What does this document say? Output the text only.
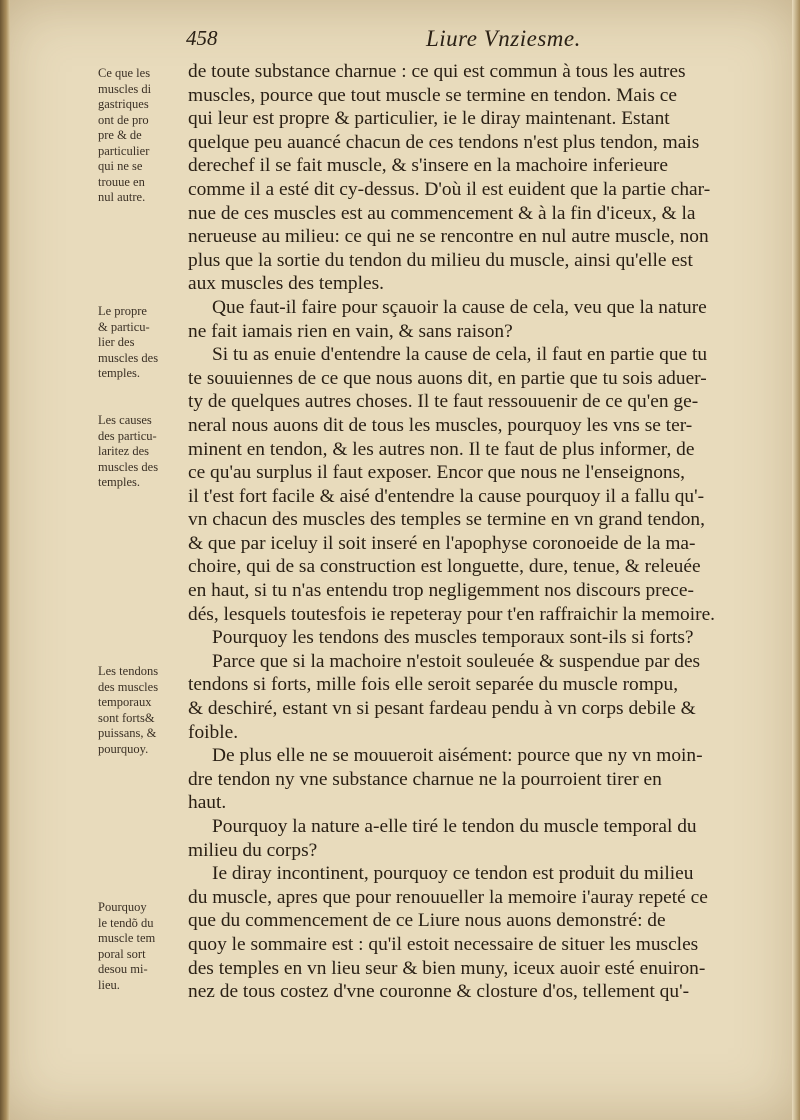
458	Liure Vnziesme.
Ce que les
muscles di
gastriques
ont de pro
pre & de
particulier
qui ne se
trouue en
nul autre.
Le propre
& particu-
lier des
muscles des
temples.
Les causes
des particu-
laritez des
muscles des
temples.
Les tendons
des muscles
temporaux
sont forts&
puissans, &
pourquoy.
Pourquoy
le tendõ du
muscle tem
poral sort
desou mi-
lieu.
de toute substance charnue : ce qui est commun à tous les autres
muscles, pource que tout muscle se termine en tendon. Mais ce
qui leur est propre & particulier, ie le diray maintenant. Estant
quelque peu auancé chacun de ces tendons n'est plus tendon, mais
derechef il se fait muscle, & s'insere en la machoire inferieure
comme il a esté dit cy-dessus. D'où il est euident que la partie char-
nue de ces muscles est au commencement & à la fin d'iceux, & la
nerueuse au milieu: ce qui ne se rencontre en nul autre muscle, non
plus que la sortie du tendon du milieu du muscle, ainsi qu'elle est
aux muscles des temples.
Que faut-il faire pour sçauoir la cause de cela, veu que la nature
ne fait iamais rien en vain, & sans raison?
Si tu as enuie d'entendre la cause de cela, il faut en partie que tu
te souuiennes de ce que nous auons dit, en partie que tu sois aduer-
ty de quelques autres choses. Il te faut ressouuenir de ce qu'en ge-
neral nous auons dit de tous les muscles, pourquoy les vns se ter-
minent en tendon, & les autres non. Il te faut de plus informer, de
ce qu'au surplus il faut exposer. Encor que nous ne l'enseignons,
il t'est fort facile & aisé d'entendre la cause pourquoy il a fallu qu'-
vn chacun des muscles des temples se termine en vn grand tendon,
& que par iceluy il soit inseré en l'apophyse coronoeide de la ma-
choire, qui de sa construction est longuette, dure, tenue, & releuée
en haut, si tu n'as entendu trop negligemment nos discours prece-
dés, lesquels toutesfois ie repeteray pour t'en raffraichir la memoire.
Pourquoy les tendons des muscles temporaux sont-ils si forts?
Parce que si la machoire n'estoit souleuée & suspendue par des
tendons si forts, mille fois elle seroit separée du muscle rompu,
& deschiré, estant vn si pesant fardeau pendu à vn corps debile &
foible.
De plus elle ne se mouueroit aisément: pource que ny vn moin-
dre tendon ny vne substance charnue ne la pourroient tirer en
haut.
Pourquoy la nature a-elle tiré le tendon du muscle temporal du
milieu du corps?
Ie diray incontinent, pourquoy ce tendon est produit du milieu
du muscle, apres que pour renouueller la memoire i'auray repeté ce
que du commencement de ce Liure nous auons demonstré: de
quoy le sommaire est : qu'il estoit necessaire de situer les muscles
des temples en vn lieu seur & bien muny, iceux auoir esté enuiron-
nez de tous costez d'vne couronne & closture d'os, tellement qu'-
